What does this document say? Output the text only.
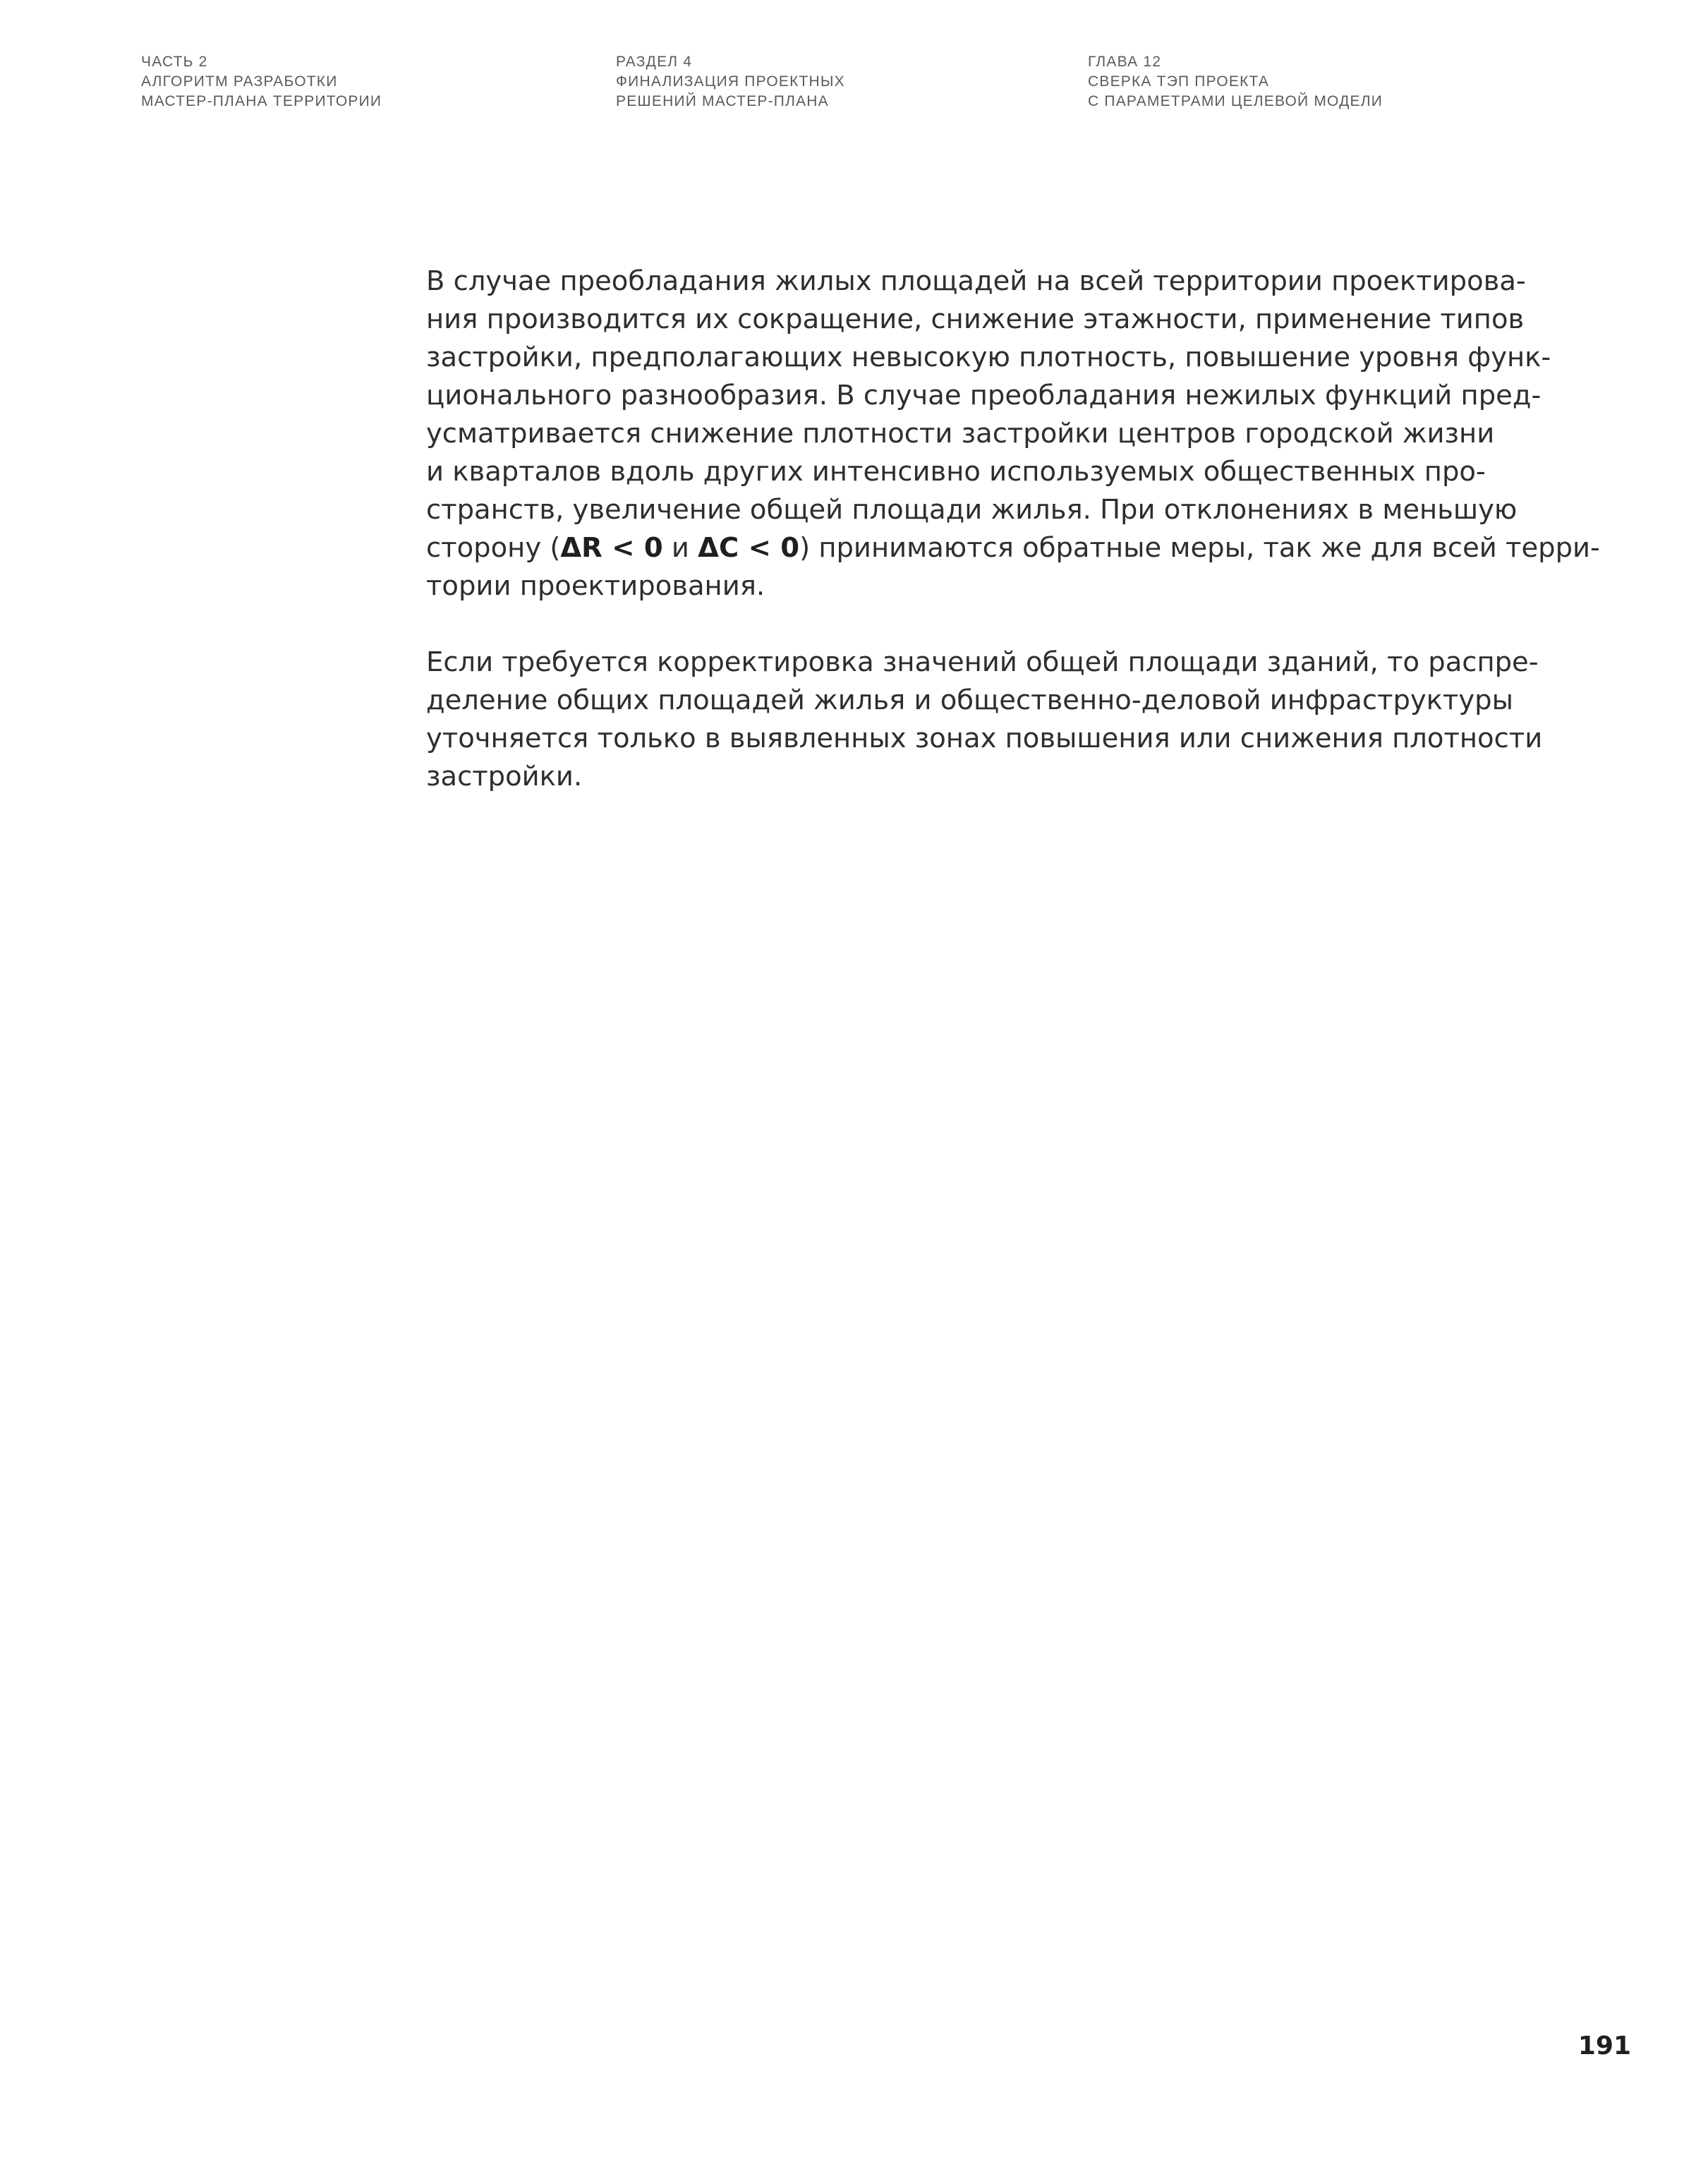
ЧАСТЬ 2
АЛГОРИТМ РАЗРАБОТКИ
МАСТЕР-ПЛАНА ТЕРРИТОРИИ
РАЗДЕЛ 4
ФИНАЛИЗАЦИЯ ПРОЕКТНЫХ
РЕШЕНИЙ МАСТЕР-ПЛАНА
ГЛАВА 12
СВЕРКА ТЭП ПРОЕКТА
С ПАРАМЕТРАМИ ЦЕЛЕВОЙ МОДЕЛИ

В случае преобладания жилых площадей на всей территории проектирова-
ния производится их сокращение, снижение этажности, применение типов
застройки, предполагающих невысокую плотность, повышение уровня функ-
ционального разнообразия. В случае преобладания нежилых функций пред-
усматривается снижение плотности застройки центров городской жизни
и кварталов вдоль других интенсивно используемых общественных про-
странств, увеличение общей площади жилья. При отклонениях в меньшую
сторону (ΔR < 0 и ΔC < 0) принимаются обратные меры, так же для всей терри-
тории проектирования.

Если требуется корректировка значений общей площади зданий, то распре-
деление общих площадей жилья и общественно-деловой инфраструктуры
уточняется только в выявленных зонах повышения или снижения плотности
застройки.

191
